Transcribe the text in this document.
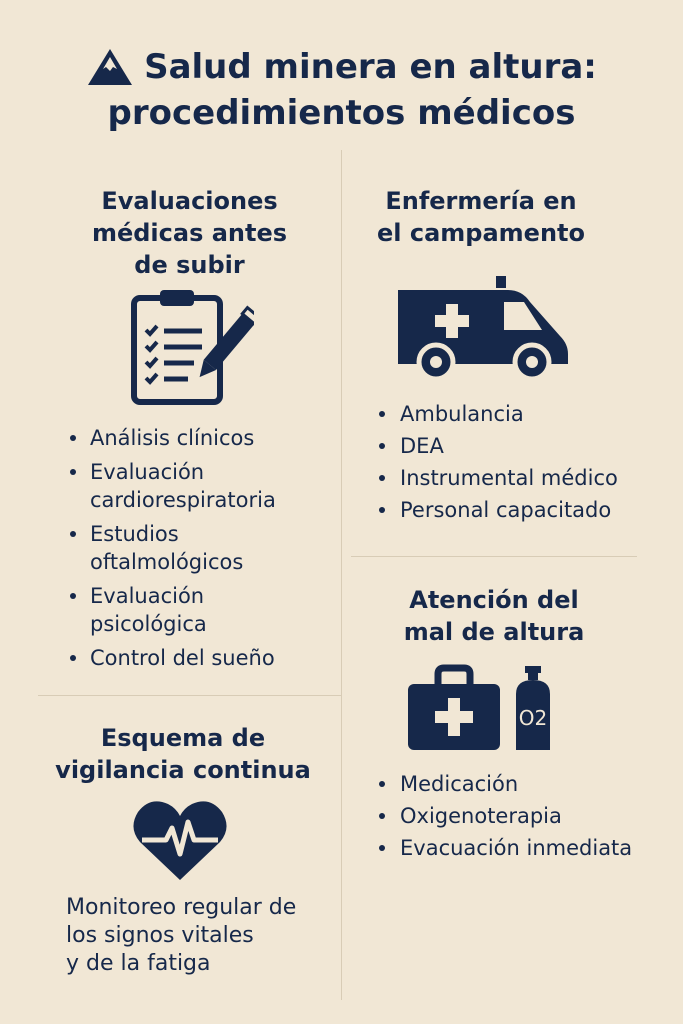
Salud minera en altura:
procedimientos médicos
Evaluaciones
médicas antes
de subir
Análisis clínicos
Evaluación
cardiorespiratoria
Estudios
oftalmológicos
Evaluación
psicológica
Control del sueño
Enfermería en
el campamento
Ambulancia
DEA
Instrumental médico
Personal capacitado
Atención del
mal de altura
O2
Medicación
Oxigenoterapia
Evacuación inmediata
Esquema de
vigilancia continua
Monitoreo regular de
los signos vitales
y de la fatiga
